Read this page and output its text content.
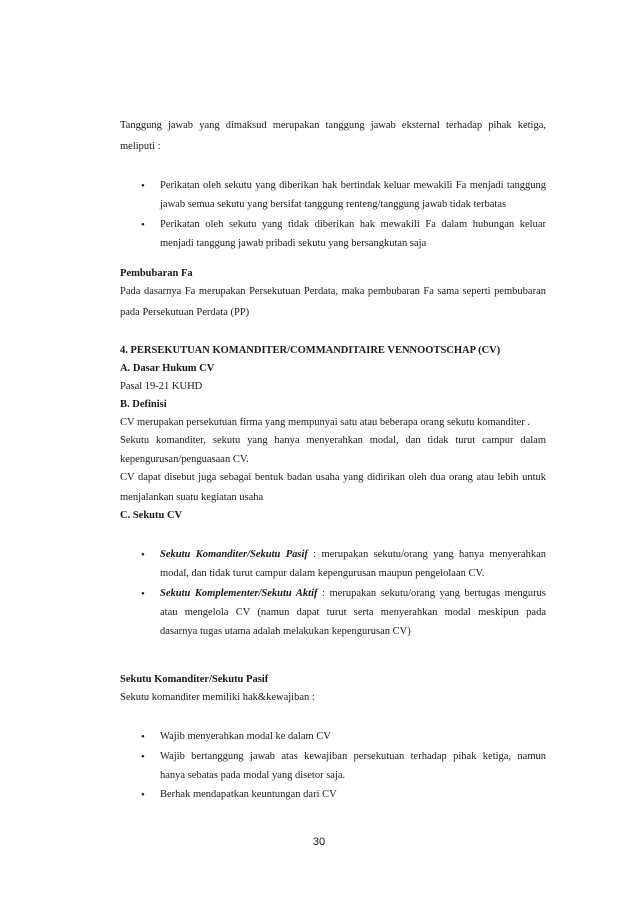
Tanggung jawab yang dimaksud merupakan tanggung jawab eksternal terhadap pihak ketiga,
meliputi :
•	Perikatan oleh sekutu yang diberikan hak bertindak keluar mewakili Fa menjadi tanggung
jawab semua sekutu yang bersifat tanggung renteng/tanggung jawab tidak terbatas
•	Perikatan oleh sekutu yang tidak diberikan hak mewakili Fa dalam hubungan keluar
menjadi tanggung jawab pribadi sekutu yang bersangkutan saja
Pembubaran Fa
Pada dasarnya Fa merupakan Persekutuan Perdata, maka pembubaran Fa sama seperti pembubaran
pada Persekutuan Perdata (PP)
4. PERSEKUTUAN KOMANDITER/COMMANDITAIRE VENNOOTSCHAP (CV)
A. Dasar Hukum CV
Pasal 19-21 KUHD
B. Definisi
CV merupakan persekutuan firma yang mempunyai satu atau beberapa orang sekutu komanditer .
Sekutu komanditer, sekutu yang hanya menyerahkan modal, dan tidak turut campur dalam
kepengurusan/penguasaan CV.
CV dapat disebut juga sebagai bentuk badan usaha yang didirikan oleh dua orang atau lebih untuk
menjalankan suatu kegiatan usaha
C. Sekutu CV
•	Sekutu Komanditer/Sekutu Pasif : merupakan sekutu/orang yang hanya menyerahkan
modal, dan tidak turut campur dalam kepengurusan maupun pengelolaan CV.
•	Sekutu Komplementer/Sekutu Aktif : merupakan sekutu/orang yang bertugas mengurus
atau mengelola CV (namun dapat turut serta menyerahkan modal meskipun pada
dasarnya tugas utama adalah melakukan kepengurusan CV)
Sekutu Komanditer/Sekutu Pasif
Sekutu komanditer memiliki hak&kewajiban :
•	Wajib menyerahkan modal ke dalam CV
•	Wajib bertanggung jawab atas kewajiban persekutuan terhadap pihak ketiga, namun
hanya sebatas pada modal yang disetor saja.
•	Berhak mendapatkan keuntungan dari CV
30
